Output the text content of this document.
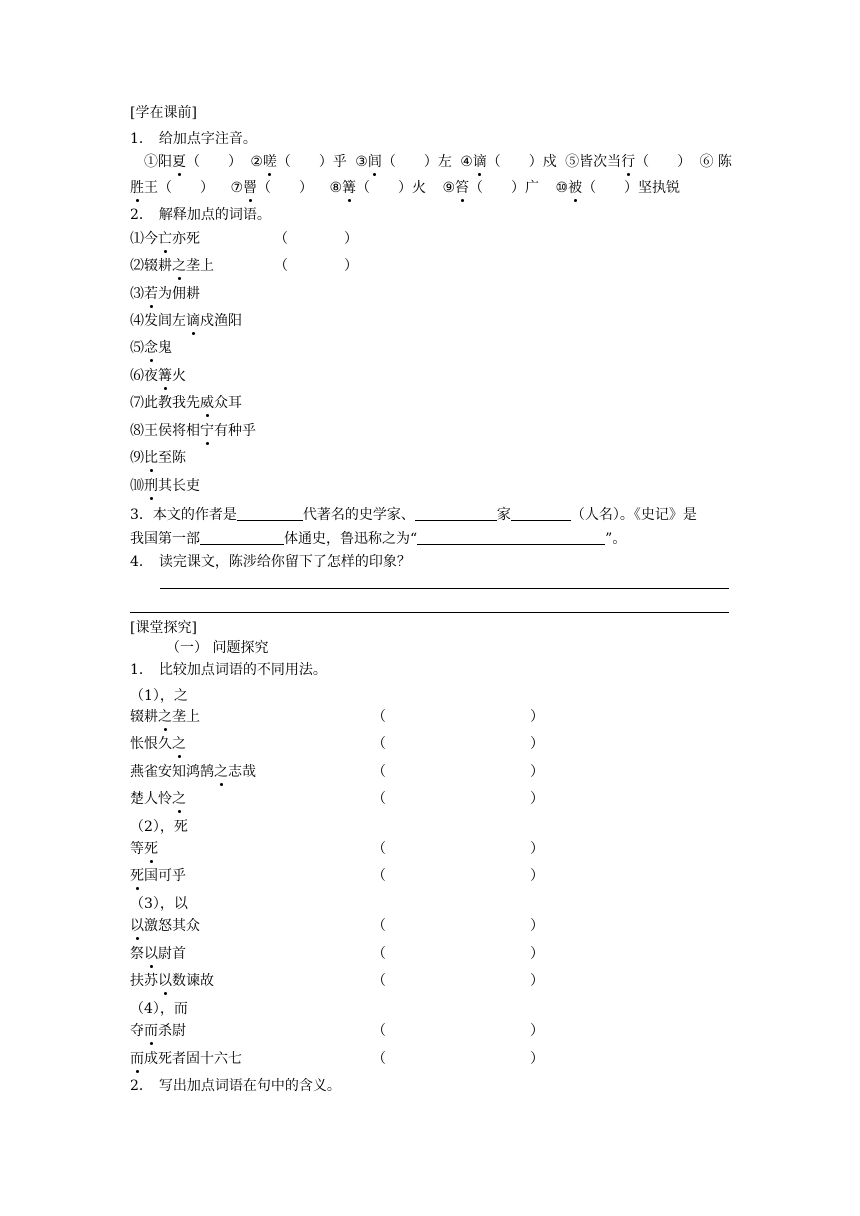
[学在课前]
1． 给加点字注音。
①阳夏（　　） ②嗟（　　）乎 ③闾（　　）左 ④谪（　　）戍 ⑤皆次当行（　　） ⑥ 陈
胜王（　　） ⑦罾（　　） ⑧篝（　　）火 ⑨笞（　　）广 ⑩被（　　）坚执锐
2． 解释加点的词语。
⑴今亡亦死	（　　　　）
⑵辍耕之垄上	（　　　　）
⑶若为佣耕
⑷发闾左谪戍渔阳
⑸念鬼
⑹夜篝火
⑺此教我先威众耳
⑻王侯将相宁有种乎
⑼比至陈
⑽刑其长吏
3．本文的作者是	代著名的史学家、	家	（人名）。《史记》是
我国第一部	体通史，鲁迅称之为“	”。
4． 读完课文，陈涉给你留下了怎样的印象？
[课堂探究]
（一） 问题探究
1． 比较加点词语的不同用法。
（1），之
辍耕之垄上	（	）
怅恨久之	（	）
燕雀安知鸿鹄之志哉	（	）
楚人怜之	（	）
（2），死
等死	（	）
死国可乎	（	）
（3），以
以激怒其众	（	）
祭以尉首	（	）
扶苏以数谏故	（	）
（4），而
夺而杀尉	（	）
而成死者固十六七	（	）
2． 写出加点词语在句中的含义。
